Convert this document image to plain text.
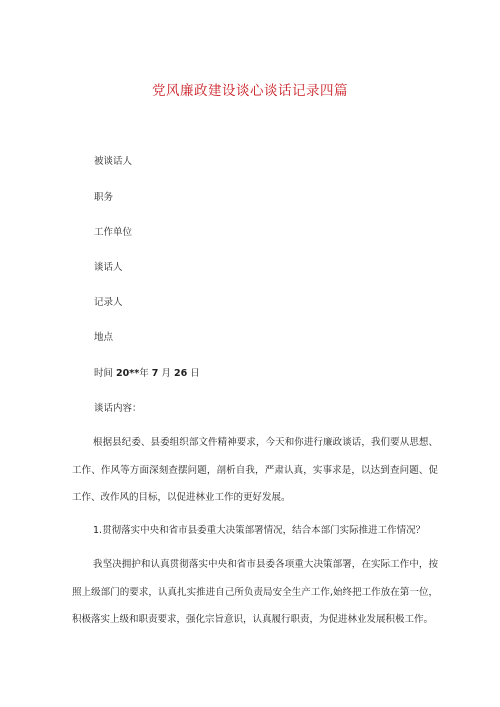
党风廉政建设谈心谈话记录四篇
被谈话人
职务
工作单位
谈话人
记录人
地点
时间 20**年 7 月 26 日
谈话内容：

根据县纪委、县委组织部文件精神要求，今天和你进行廉政谈话，我们要从思想、工作、作风等方面深刻查摆问题，剖析自我，严肃认真，实事求是，以达到查问题、促工作、改作风的目标，以促进林业工作的更好发展。

1.贯彻落实中央和省市县委重大决策部署情况，结合本部门实际推进工作情况？

我坚决拥护和认真贯彻落实中央和省市县委各项重大决策部署，在实际工作中，按照上级部门的要求，认真扎实推进自己所负责局安全生产工作,始终把工作放在第一位，积极落实上级和职责要求，强化宗旨意识，认真履行职责，为促进林业发展积极工作。
